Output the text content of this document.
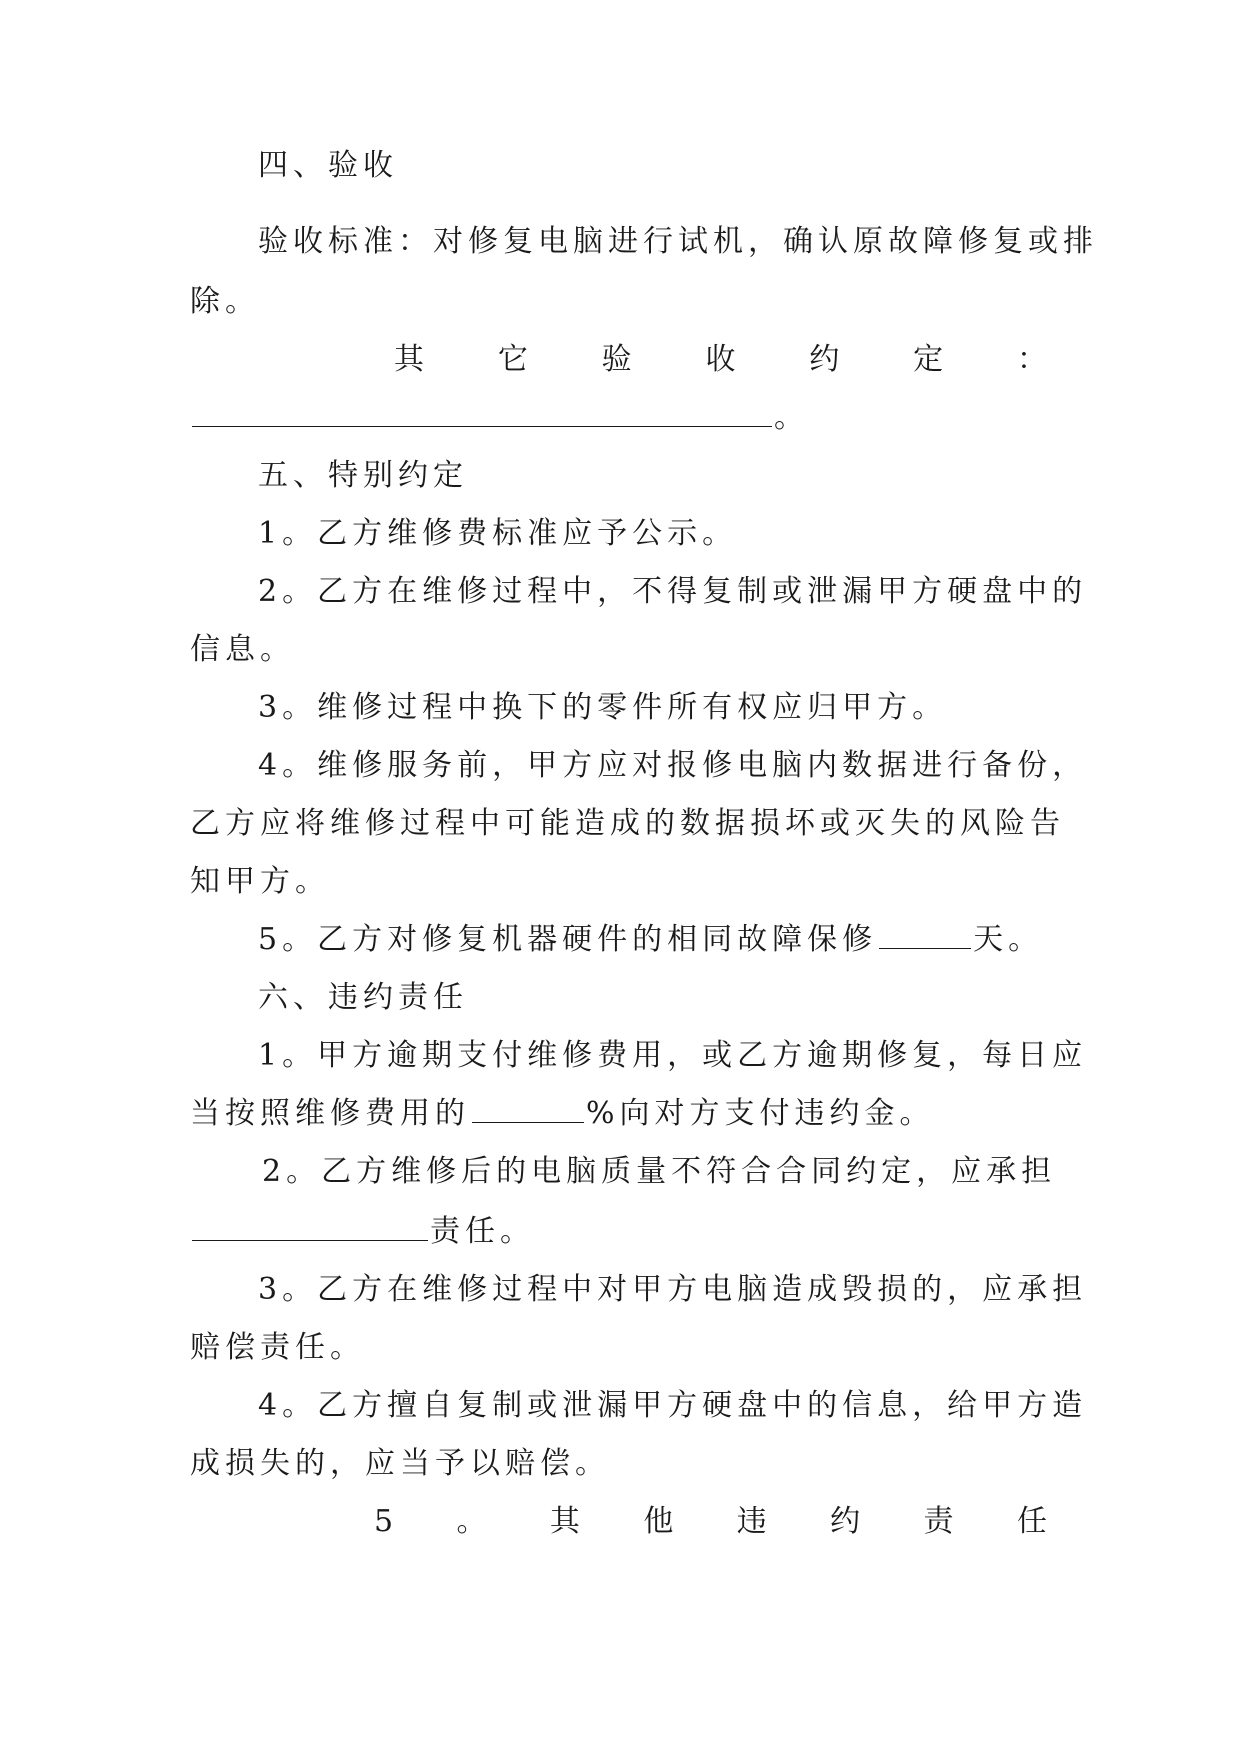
四、验收
验收标准：对修复电脑进行试机，确认原故障修复或排
除。
其 它 验 收 约 定 ：
。
五、特别约定
1。乙方维修费标准应予公示。
2。乙方在维修过程中，不得复制或泄漏甲方硬盘中的
信息。
3。维修过程中换下的零件所有权应归甲方。
4。维修服务前，甲方应对报修电脑内数据进行备份，
乙方应将维修过程中可能造成的数据损坏或灭失的风险告
知甲方。
5。乙方对修复机器硬件的相同故障保修	天。
六、违约责任
1。甲方逾期支付维修费用，或乙方逾期修复，每日应
当按照维修费用的	%向对方支付违约金。
2。乙方维修后的电脑质量不符合合同约定，应承担
责任。
3。乙方在维修过程中对甲方电脑造成毁损的，应承担
赔偿责任。
4。乙方擅自复制或泄漏甲方硬盘中的信息，给甲方造
成损失的，应当予以赔偿。
5 。 其 他 违 约 责 任
